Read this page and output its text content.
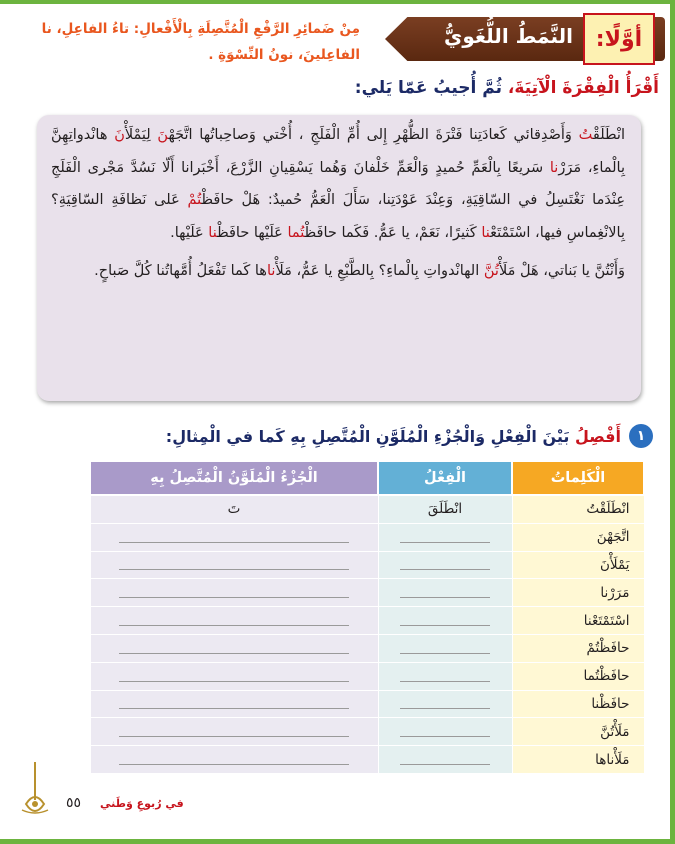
أوَّلًا:
النَّمَطُ اللُّغَويُّ
مِنْ ضَمائِرِ الرَّفْعِ الْمُتَّصِلَةِ بِالْأَفْعالِ: تاءُ الفاعِلِ، نا الفاعِلينَ، نونُ النِّسْوَةِ .
أَقْرَأُ الْفِقْرَةَ الْآتِيَةَ، ثُمَّ أُجيبُ عَمّا يَلي:

انْطَلَقْتُ وَأَصْدِقائي كَعادَتِنا فَتْرَةَ الظُّهْرِ إِلى أُمِّ الْفَلَجِ ، أُخْتي وَصاحِباتُها اتَّجَهْنَ لِيَمْلَأْنَ هانْدواتِهِنَّ بِالْماءِ، مَرَرْنا سَريعًا بِالْعَمِّ حُميدٍ وَالْعَمِّ خَلْفانَ وَهُما يَسْقِيانِ الزَّرْعَ، أَخْبَرانا أَلّا نَسُدَّ مَجْرى الْفَلَجِ عِنْدَما نَغْتَسِلُ في السّاقِيَةِ، وَعِنْدَ عَوْدَتِنا، سَأَلَ الْعَمُّ حُميدٌ: هَلْ حافَظْتُمْ عَلى نَظافَةِ السّاقِيَةِ؟ بِالانْغِماسِ فيها، اسْتَمْتَعْنا كَثيرًا، نَعَمْ، يا عَمُّ. فَكَما حافَظْتُما عَلَيْها حافَظْنا عَلَيْها.

وَأَنْتُنَّ يا بَناتي، هَلْ مَلَأْتُنَّ الهانْدواتِ بِالْماءِ؟ بِالطَّبْعِ يا عَمُّ، مَلَأْناها كَما تَفْعَلُ أُمَّهاتُنا كُلَّ صَباحٍ.

١
أَفْصِلُ بَيْنَ الْفِعْلِ وَالْجُزْءِ الْمُلَوَّنِ الْمُتَّصِلِ بِهِ كَما في الْمِثالِ:
الْكَلِماتُ	الْفِعْلُ	الْجُزْءُ الْمُلَوَّنُ الْمُتَّصِلُ بِهِ
انْطَلَقْتُ	انْطَلَقَ	تَ
اتَّجَهْنَ		
يَمْلَأْنَ		
مَرَرْنا		
اسْتَمْتَعْنا		
حافَظْتُمْ		
حافَظْتُما		
حافَظْنا		
مَلَأْتُنَّ		
مَلَأْناها		
٥٥ في رُبوعِ وَطَني
